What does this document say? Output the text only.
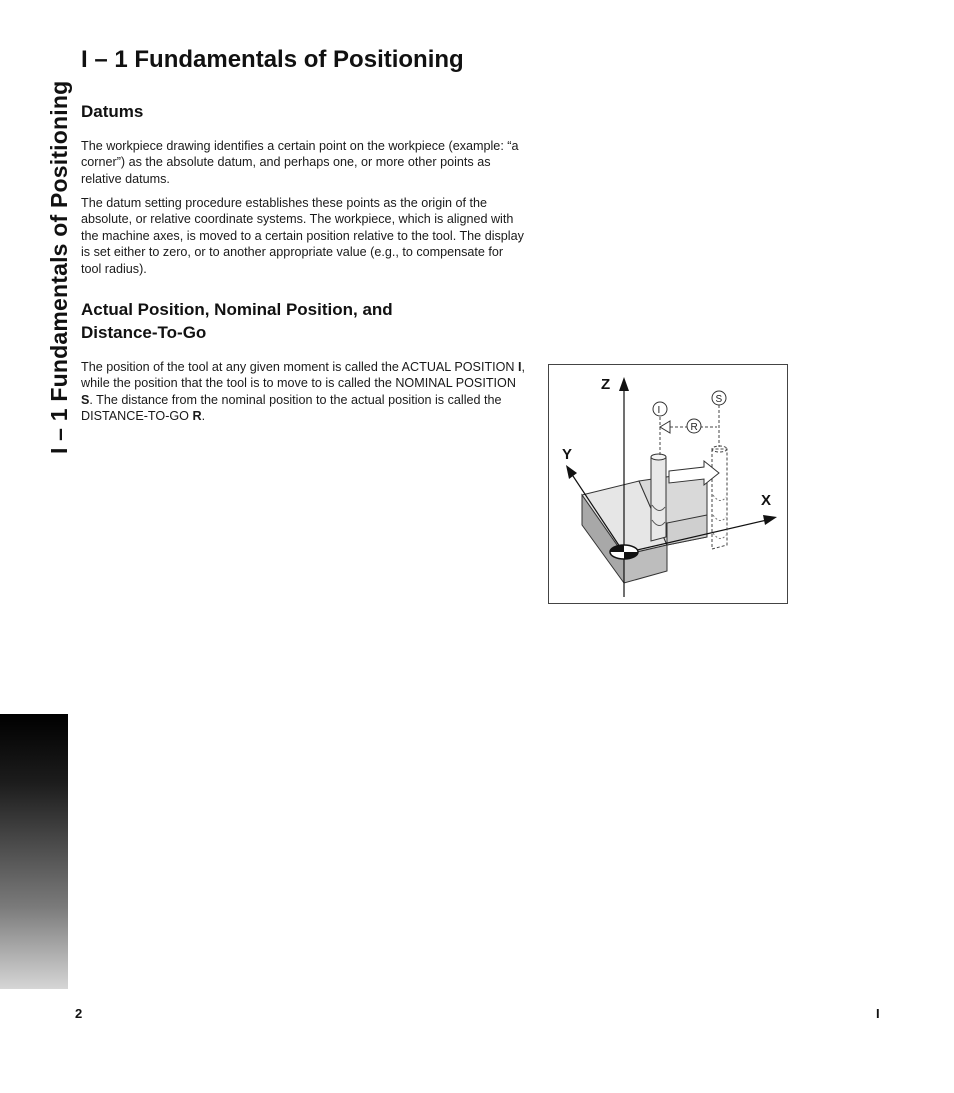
I – 1 Fundamentals of Positioning
I – 1 Fundamentals of Positioning
Datums

The workpiece drawing identifies a certain point on the workpiece (example: “a corner”) as the absolute datum, and perhaps one, or more other points as relative datums.

The datum setting procedure establishes these points as the origin of the absolute, or relative coordinate systems. The workpiece, which is aligned with the machine axes, is moved to a certain position relative to the tool. The display is set either to zero, or to another appropriate value (e.g., to compensate for tool radius).

Actual Position, Nominal Position, and
Distance-To-Go

The position of the tool at any given moment is called the ACTUAL POSITION I, while the position that the tool is to move to is called the NOMINAL POSITION S. The distance from the nominal position to the actual position is called the DISTANCE-TO-GO R.

Z
Y
X
I
S
R
2	I
